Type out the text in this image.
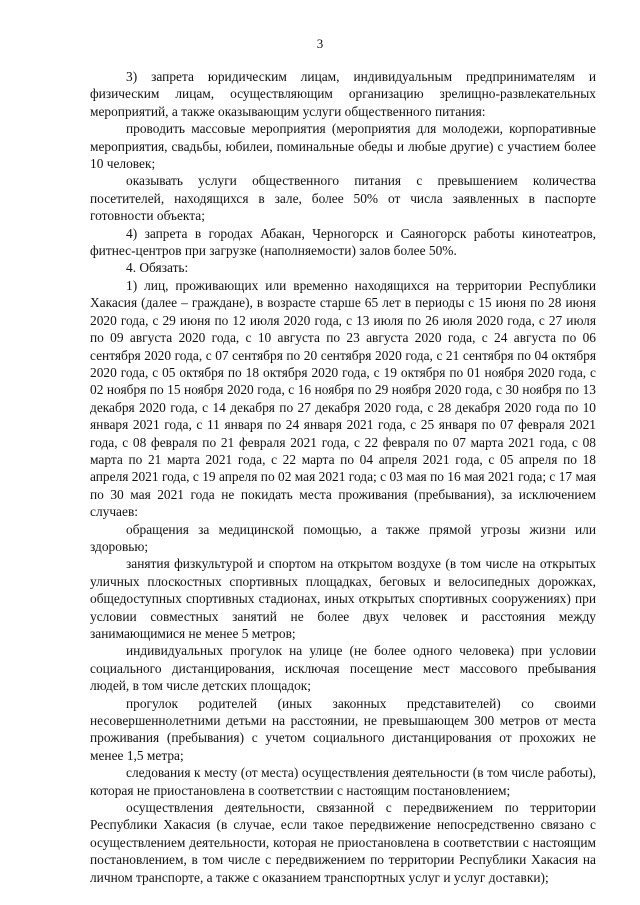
3

3) запрета юридическим лицам, индивидуальным предпринимателям и физическим лицам, осуществляющим организацию зрелищно-развлекательных мероприятий, а также оказывающим услуги общественного питания:

проводить массовые мероприятия (мероприятия для молодежи, корпоративные мероприятия, свадьбы, юбилеи, поминальные обеды и любые другие) с участием более 10 человек;

оказывать услуги общественного питания с превышением количества посетителей, находящихся в зале, более 50% от числа заявленных в паспорте готовности объекта;

4) запрета в городах Абакан, Черногорск и Саяногорск работы кинотеатров, фитнес-центров при загрузке (наполняемости) залов более 50%.

4. Обязать:

1) лиц, проживающих или временно находящихся на территории Республики Хакасия (далее – граждане), в возрасте старше 65 лет в периоды с 15 июня по 28 июня 2020 года, с 29 июня по 12 июля 2020 года, с 13 июля по 26 июля 2020 года, с 27 июля по 09 августа 2020 года, с 10 августа по 23 августа 2020 года, с 24 августа по 06 сентября 2020 года, с 07 сентября по 20 сентября 2020 года, с 21 сентября по 04 октября 2020 года, с 05 октября по 18 октября 2020 года, с 19 октября по 01 ноября 2020 года, с 02 ноября по 15 ноября 2020 года, с 16 ноября по 29 ноября 2020 года, с 30 ноября по 13 декабря 2020 года, с 14 декабря по 27 декабря 2020 года, с 28 декабря 2020 года по 10 января 2021 года, с 11 января по 24 января 2021 года, с 25 января по 07 февраля 2021 года, с 08 февраля по 21 февраля 2021 года, с 22 февраля по 07 марта 2021 года, с 08 марта по 21 марта 2021 года, с 22 марта по 04 апреля 2021 года, с 05 апреля по 18 апреля 2021 года, с 19 апреля по 02 мая 2021 года; с 03 мая по 16 мая 2021 года; с 17 мая по 30 мая 2021 года не покидать места проживания (пребывания), за исключением случаев:

обращения за медицинской помощью, а также прямой угрозы жизни или здоровью;

занятия физкультурой и спортом на открытом воздухе (в том числе на открытых уличных плоскостных спортивных площадках, беговых и велосипедных дорожках, общедоступных спортивных стадионах, иных открытых спортивных сооружениях) при условии совместных занятий не более двух человек и расстояния между занимающимися не менее 5 метров;

индивидуальных прогулок на улице (не более одного человека) при условии социального дистанцирования, исключая посещение мест массового пребывания людей, в том числе детских площадок;

прогулок родителей (иных законных представителей) со своими несовершеннолетними детьми на расстоянии, не превышающем 300 метров от места проживания (пребывания) с учетом социального дистанцирования от прохожих не менее 1,5 метра;

следования к месту (от места) осуществления деятельности (в том числе работы), которая не приостановлена в соответствии с настоящим постановлением;

осуществления деятельности, связанной с передвижением по территории Республики Хакасия (в случае, если такое передвижение непосредственно связано с осуществлением деятельности, которая не приостановлена в соответствии с настоящим постановлением, в том числе с передвижением по территории Республики Хакасия на личном транспорте, а также с оказанием транспортных услуг и услуг доставки);
